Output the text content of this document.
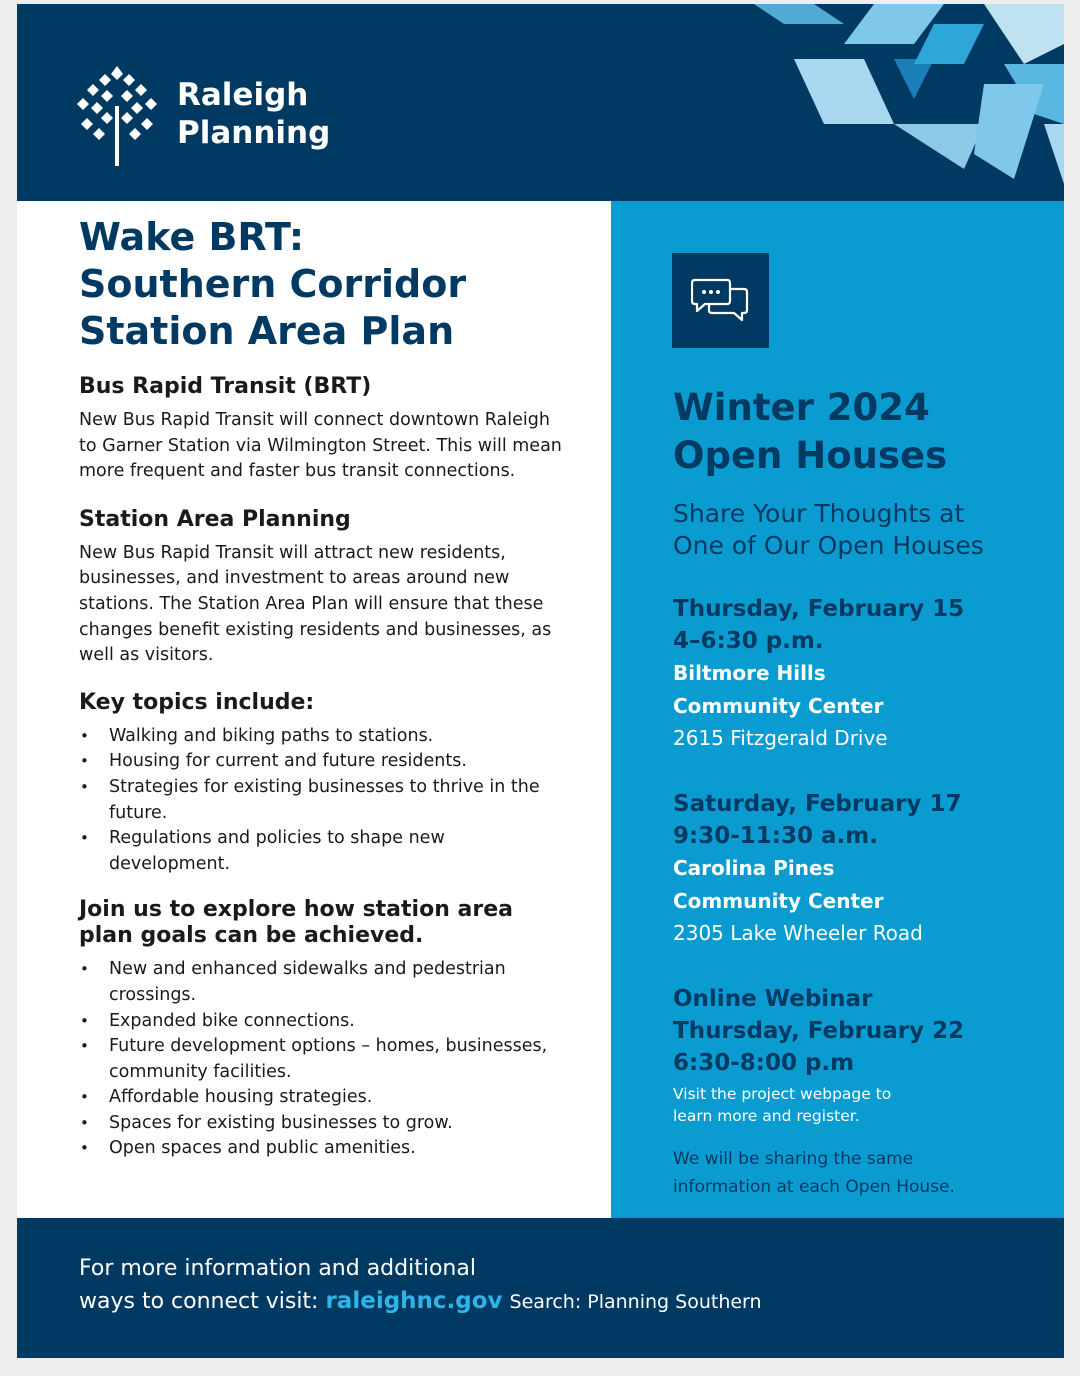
Raleigh
Planning
Wake BRT:
Southern Corridor
Station Area Plan
Bus Rapid Transit (BRT)

New Bus Rapid Transit will connect downtown Raleigh to Garner Station via Wilmington Street. This will mean more frequent and faster bus transit connections.

Station Area Planning

New Bus Rapid Transit will attract new residents, businesses, and investment to areas around new stations. The Station Area Plan will ensure that these changes benefit existing residents and businesses, as well as visitors.

Key topics include:
• Walking and biking paths to stations.
• Housing for current and future residents.
• Strategies for existing businesses to thrive in the future.
• Regulations and policies to shape new development.
Join us to explore how station area plan goals can be achieved.
• New and enhanced sidewalks and pedestrian crossings.
• Expanded bike connections.
• Future development options – homes, businesses, community facilities.
• Affordable housing strategies.
• Spaces for existing businesses to grow.
• Open spaces and public amenities.
Winter 2024
Open Houses
Share Your Thoughts at
One of Our Open Houses
Thursday, February 15
4–6:30 p.m.
Biltmore Hills
Community Center
2615 Fitzgerald Drive
Saturday, February 17
9:30-11:30 a.m.
Carolina Pines
Community Center
2305 Lake Wheeler Road
Online Webinar
Thursday, February 22
6:30-8:00 p.m
Visit the project webpage to
learn more and register.
We will be sharing the same
information at each Open House.
For more information and additional
ways to connect visit: raleighnc.gov Search: Planning Southern
